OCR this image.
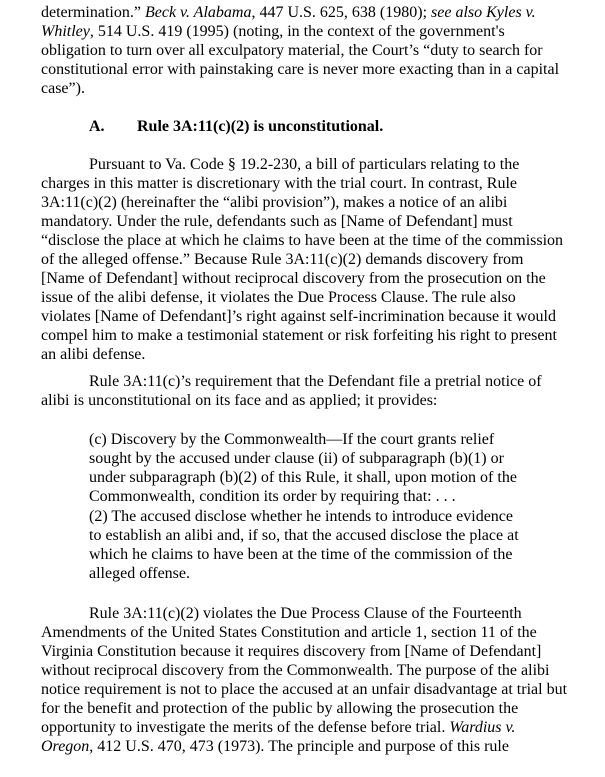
determination.” Beck v. Alabama, 447 U.S. 625, 638 (1980); see also Kyles v.
Whitley, 514 U.S. 419 (1995) (noting, in the context of the government's
obligation to turn over all exculpatory material, the Court’s “duty to search for
constitutional error with painstaking care is never more exacting than in a capital
case”).
A. Rule 3A:11(c)(2) is unconstitutional.
Pursuant to Va. Code § 19.2-230, a bill of particulars relating to the
charges in this matter is discretionary with the trial court. In contrast, Rule
3A:11(c)(2) (hereinafter the “alibi provision”), makes a notice of an alibi
mandatory. Under the rule, defendants such as [Name of Defendant] must
“disclose the place at which he claims to have been at the time of the commission
of the alleged offense.” Because Rule 3A:11(c)(2) demands discovery from
[Name of Defendant] without reciprocal discovery from the prosecution on the
issue of the alibi defense, it violates the Due Process Clause. The rule also
violates [Name of Defendant]’s right against self-incrimination because it would
compel him to make a testimonial statement or risk forfeiting his right to present
an alibi defense.
Rule 3A:11(c)’s requirement that the Defendant file a pretrial notice of
alibi is unconstitutional on its face and as applied; it provides:
(c) Discovery by the Commonwealth—If the court grants relief
sought by the accused under clause (ii) of subparagraph (b)(1) or
under subparagraph (b)(2) of this Rule, it shall, upon motion of the
Commonwealth, condition its order by requiring that: . . .
(2) The accused disclose whether he intends to introduce evidence
to establish an alibi and, if so, that the accused disclose the place at
which he claims to have been at the time of the commission of the
alleged offense.
Rule 3A:11(c)(2) violates the Due Process Clause of the Fourteenth
Amendments of the United States Constitution and article 1, section 11 of the
Virginia Constitution because it requires discovery from [Name of Defendant]
without reciprocal discovery from the Commonwealth. The purpose of the alibi
notice requirement is not to place the accused at an unfair disadvantage at trial but
for the benefit and protection of the public by allowing the prosecution the
opportunity to investigate the merits of the defense before trial. Wardius v.
Oregon, 412 U.S. 470, 473 (1973). The principle and purpose of this rule
